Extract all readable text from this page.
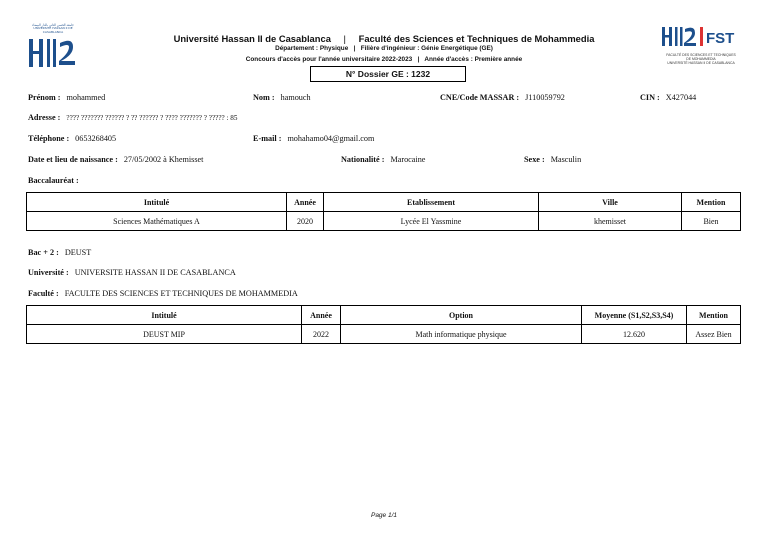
جامعة الحسن الثاني بالدار البيضاء
UNIVERSITÉ HASSAN II DE CASABLANCA	FST
FACULTÉ DES SCIENCES ET TECHNIQUES
DE MOHAMMEDIA
UNIVERSITÉ HASSAN II DE CASABLANCA
Université Hassan II de Casablanca | Faculté des Sciences et Techniques de Mohammedia
Département : Physique   |   Filière d'ingénieur : Génie Energétique (GE)
Concours d'accès pour l'année universitaire 2022-2023   |   Année d'accès : Première année
N° Dossier GE : 1232
Prénom : mohammed	Nom : hamouch	CNE/Code MASSAR : J110059792	CIN : X427044
Adresse : ???? ??????? ?????? ? ?? ?????? ? ???? ??????? ? ????? : 85
Téléphone : 0653268405	E-mail : mohahamo04@gmail.com
Date et lieu de naissance : 27/05/2002 à Khemisset	Nationalité : Marocaine	Sexe : Masculin
Baccalauréat :
Intitulé	Année	Etablissement	Ville	Mention
Sciences Mathématiques A	2020	Lycée El Yassmine	khemisset	Bien
Bac + 2 : DEUST
Université : UNIVERSITE HASSAN II DE CASABLANCA
Faculté : FACULTE DES SCIENCES ET TECHNIQUES DE MOHAMMEDIA
Intitulé	Année	Option	Moyenne (S1,S2,S3,S4)	Mention
DEUST MIP	2022	Math informatique physique	12.620	Assez Bien
Page 1/1
